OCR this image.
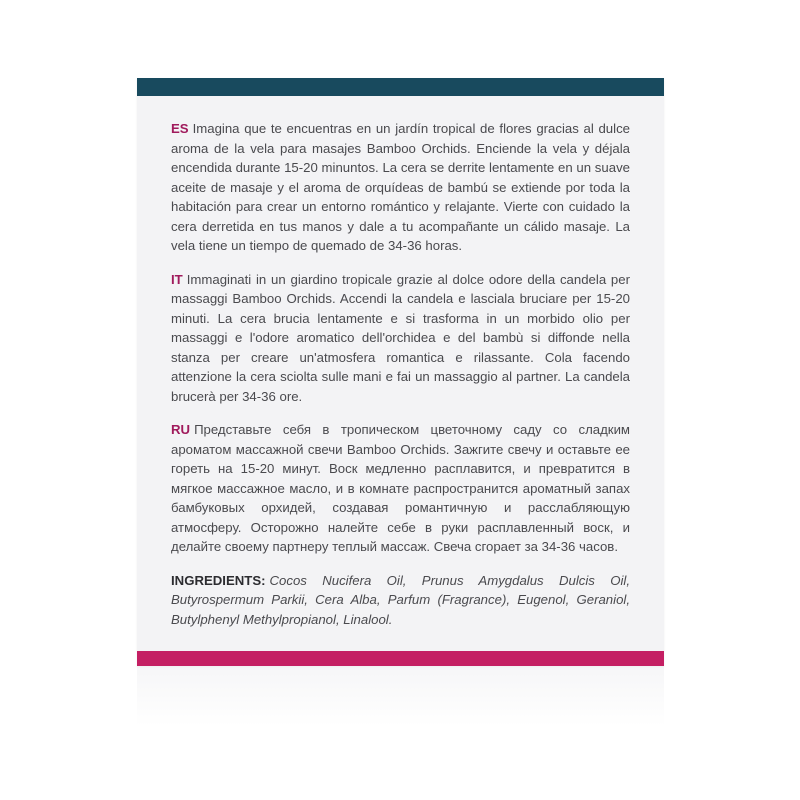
ES Imagina que te encuentras en un jardín tropical de flores gracias al dulce aroma de la vela para masajes Bamboo Orchids. Enciende la vela y déjala encendida durante 15-20 minuntos. La cera se derrite lentamente en un suave aceite de masaje y el aroma de orquídeas de bambú se extiende por toda la habitación para crear un entorno romántico y relajante. Vierte con cuidado la cera derretida en tus manos y dale a tu acompañante un cálido masaje. La vela tiene un tiempo de quemado de 34-36 horas.

IT Immaginati in un giardino tropicale grazie al dolce odore della candela per massaggi Bamboo Orchids. Accendi la candela e lasciala bruciare per 15-20 minuti. La cera brucia lentamente e si trasforma in un morbido olio per massaggi e l'odore aromatico dell'orchidea e del bambù si diffonde nella stanza per creare un'atmosfera romantica e rilassante. Cola facendo attenzione la cera sciolta sulle mani e fai un massaggio al partner. La candela brucerà per 34-36 ore.

RU Представьте себя в тропическом цветочному саду со сладким ароматом массажной свечи Bamboo Orchids. Зажгите свечу и оставьте ее гореть на 15-20 минут. Воск медленно расплавится, и превратится в мягкое массажное масло, и в комнате распространится ароматный запах бамбуковых орхидей, создавая романтичную и расслабляющую атмосферу. Осторожно налейте себе в руки расплавленный воск, и делайте своему партнеру теплый массаж. Свеча сгорает за 34-36 часов.

INGREDIENTS: Cocos Nucifera Oil, Prunus Amygdalus Dulcis Oil, Butyrospermum Parkii, Cera Alba, Parfum (Fragrance), Eugenol, Geraniol, Butylphenyl Methylpropianol, Linalool.
